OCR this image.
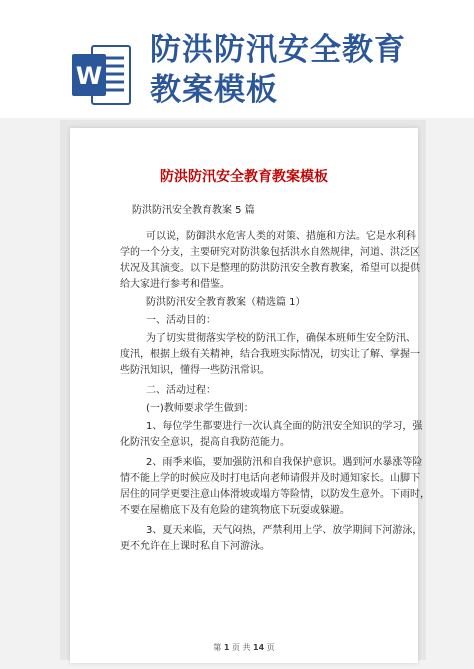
W
防洪防汛安全教育
教案模板
防洪防汛安全教育教案模板
防洪防汛安全教育教案 5 篇
可以说，防御洪水危害人类的对策、措施和方法。它是水利科
学的一个分支，主要研究对防洪象包括洪水自然规律，河道、洪泛区
状况及其演变。以下是整理的防洪防汛安全教育教案，希望可以提供
给大家进行参考和借鉴。
防洪防汛安全教育教案（精选篇 1）
一、活动目的：
为了切实贯彻落实学校的防汛工作，确保本班师生安全防汛、
度汛，根据上级有关精神，结合我班实际情况，切实让了解、掌握一
些防汛知识，懂得一些防汛常识。
二、活动过程：
(一)教师要求学生做到：
1、每位学生都要进行一次认真全面的防汛安全知识的学习，强
化防汛安全意识，提高自我防范能力。
2、雨季来临，要加强防汛和自我保护意识。遇到河水暴涨等险
情不能上学的时候应及时打电话向老师请假并及时通知家长。山脚下
居住的同学更要注意山体滑坡或塌方等险情，以防发生意外。下雨时，
不要在屋檐底下及有危险的建筑物底下玩耍或躲避。
3、夏天来临，天气闷热，严禁利用上学、放学期间下河游泳，
更不允许在上课时私自下河游泳。
第 1 页 共 14 页
